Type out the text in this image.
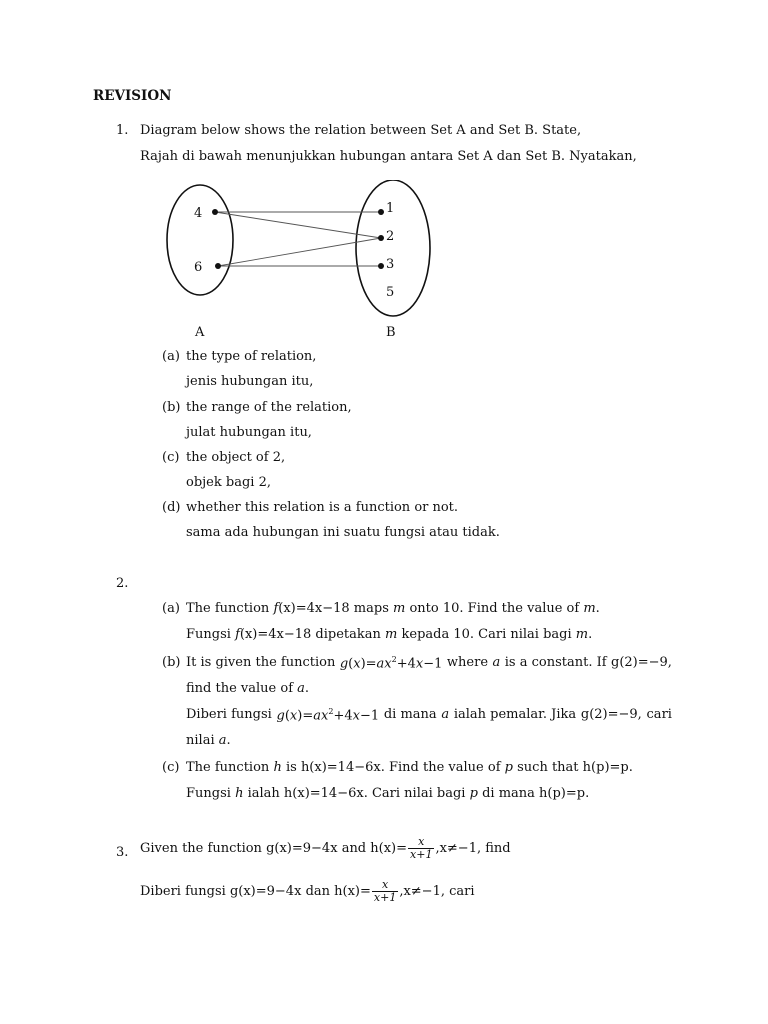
REVISION
1. Diagram below shows the relation between Set A and Set B. State,
Rajah di bawah menunjukkan hubungan antara Set A dan Set B. Nyatakan,
4
6
1
2
3
5
A	B
(a) the type of relation,
jenis hubungan itu,
(b) the range of the relation,
julat hubungan itu,
(c) the object of 2,
objek bagi 2,
(d) whether this relation is a function or not.
sama ada hubungan ini suatu fungsi atau tidak.
2.
(a) The function f(x)=4x−18 maps m onto 10. Find the value of m.
Fungsi f(x)=4x−18 dipetakan m kepada 10. Cari nilai bagi m.
(b) It is given the function $g(x)=ax^2+4x-1$ where a is a constant. If g(2)=−9,
find the value of a.
Diberi fungsi $g(x)=ax^2+4x-1$ di mana a ialah pemalar. Jika g(2)=−9, cari
nilai a.
(c) The function h is h(x)=14−6x. Find the value of p such that h(p)=p.
Fungsi h ialah h(x)=14−6x. Cari nilai bagi p di mana h(p)=p.
3. Given the function g(x)=9−4x and $h(x)= \frac{x}{x+1} ,x\ne-1$, find
Diberi fungsi g(x)=9−4x dan $h(x)= \frac{x}{x+1} ,x\ne-1$, cari
